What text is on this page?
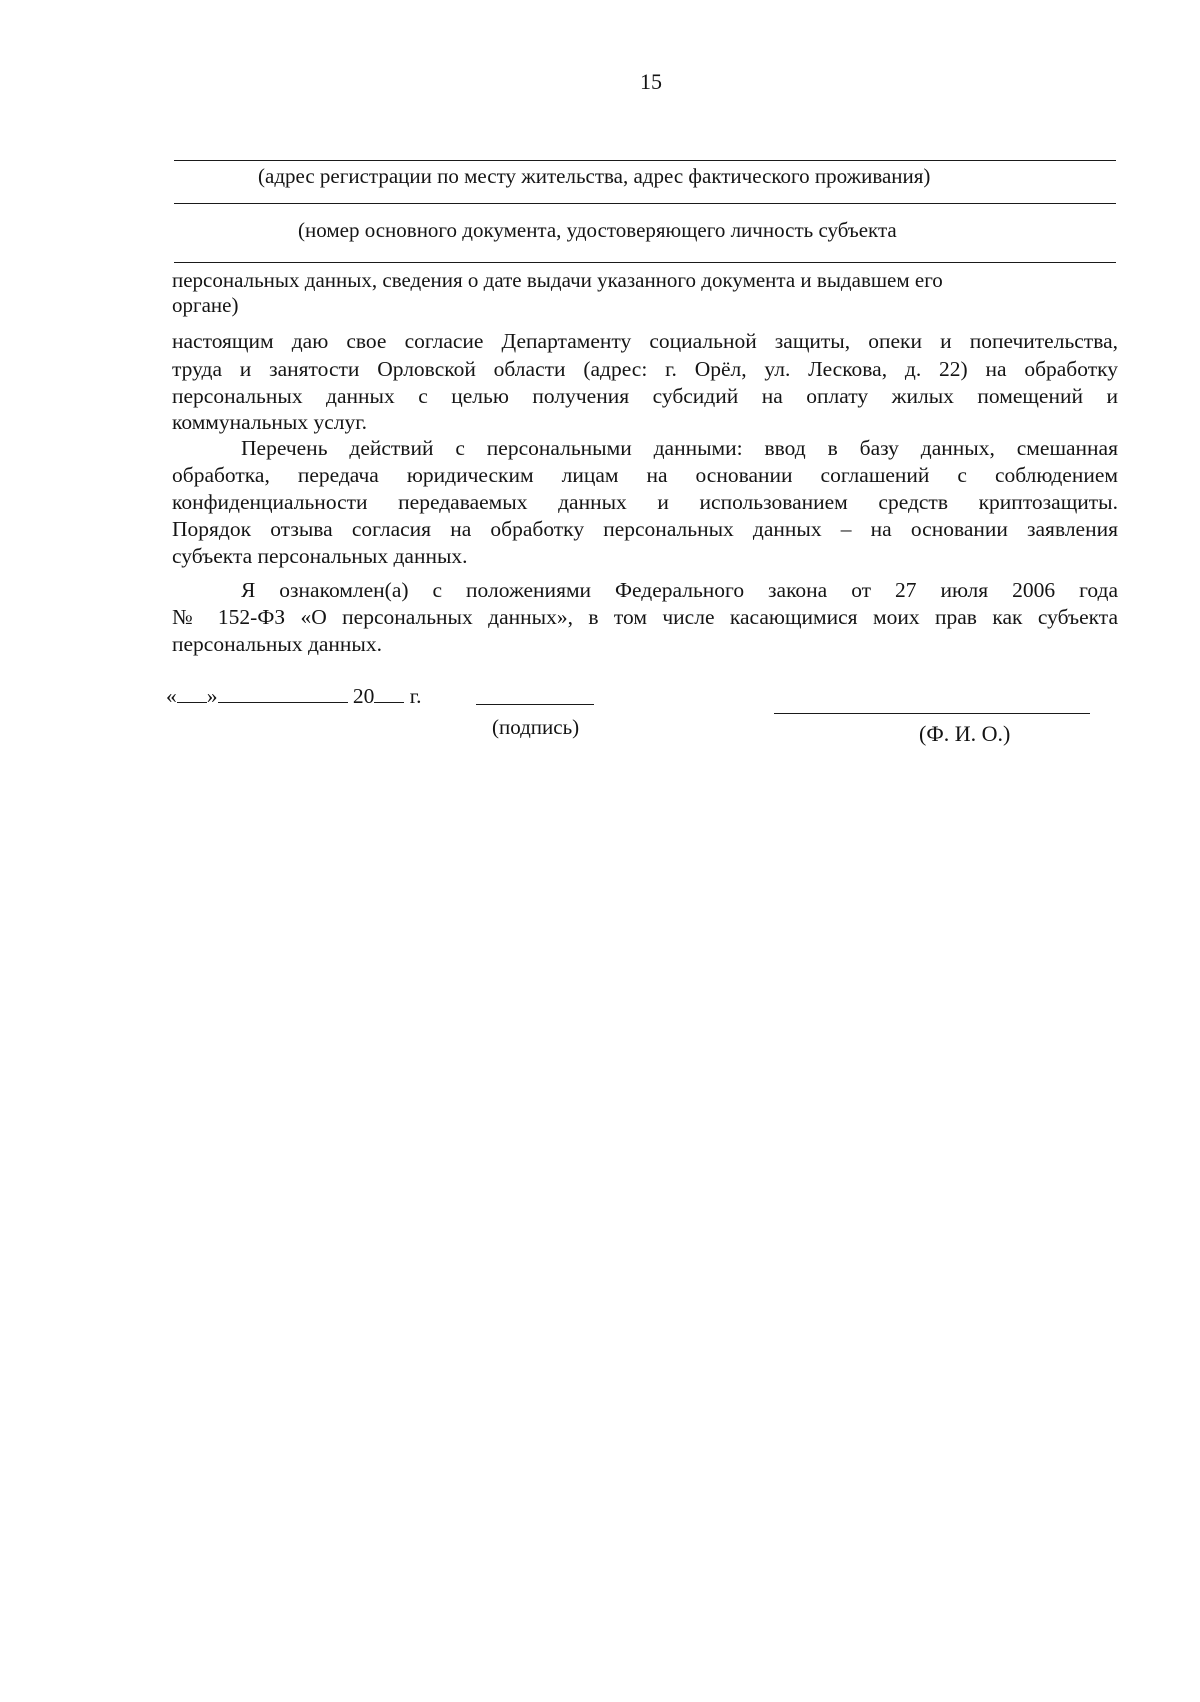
15
(адрес регистрации по месту жительства, адрес фактического проживания)
(номер основного документа, удостоверяющего личность субъекта
персональных данных, сведения о дате выдачи указанного документа и выдавшем его
органе)
настоящим даю свое согласие Департаменту социальной защиты, опеки и попечительства,
труда и занятости Орловской области (адрес: г. Орёл, ул. Лескова, д. 22) на обработку
персональных данных с целью получения субсидий на оплату жилых помещений и
коммунальных услуг.
Перечень действий с персональными данными: ввод в базу данных, смешанная
обработка, передача юридическим лицам на основании соглашений с соблюдением
конфиденциальности передаваемых данных и использованием средств криптозащиты.
Порядок отзыва согласия на обработку персональных данных – на основании заявления
субъекта персональных данных.
Я ознакомлен(а) с положениями Федерального закона от 27 июля 2006 года
№ 152-ФЗ «О персональных данных», в том числе касающимися моих прав как субъекта
персональных данных.
« »	20 г.
(подпись)	(Ф. И. О.)
